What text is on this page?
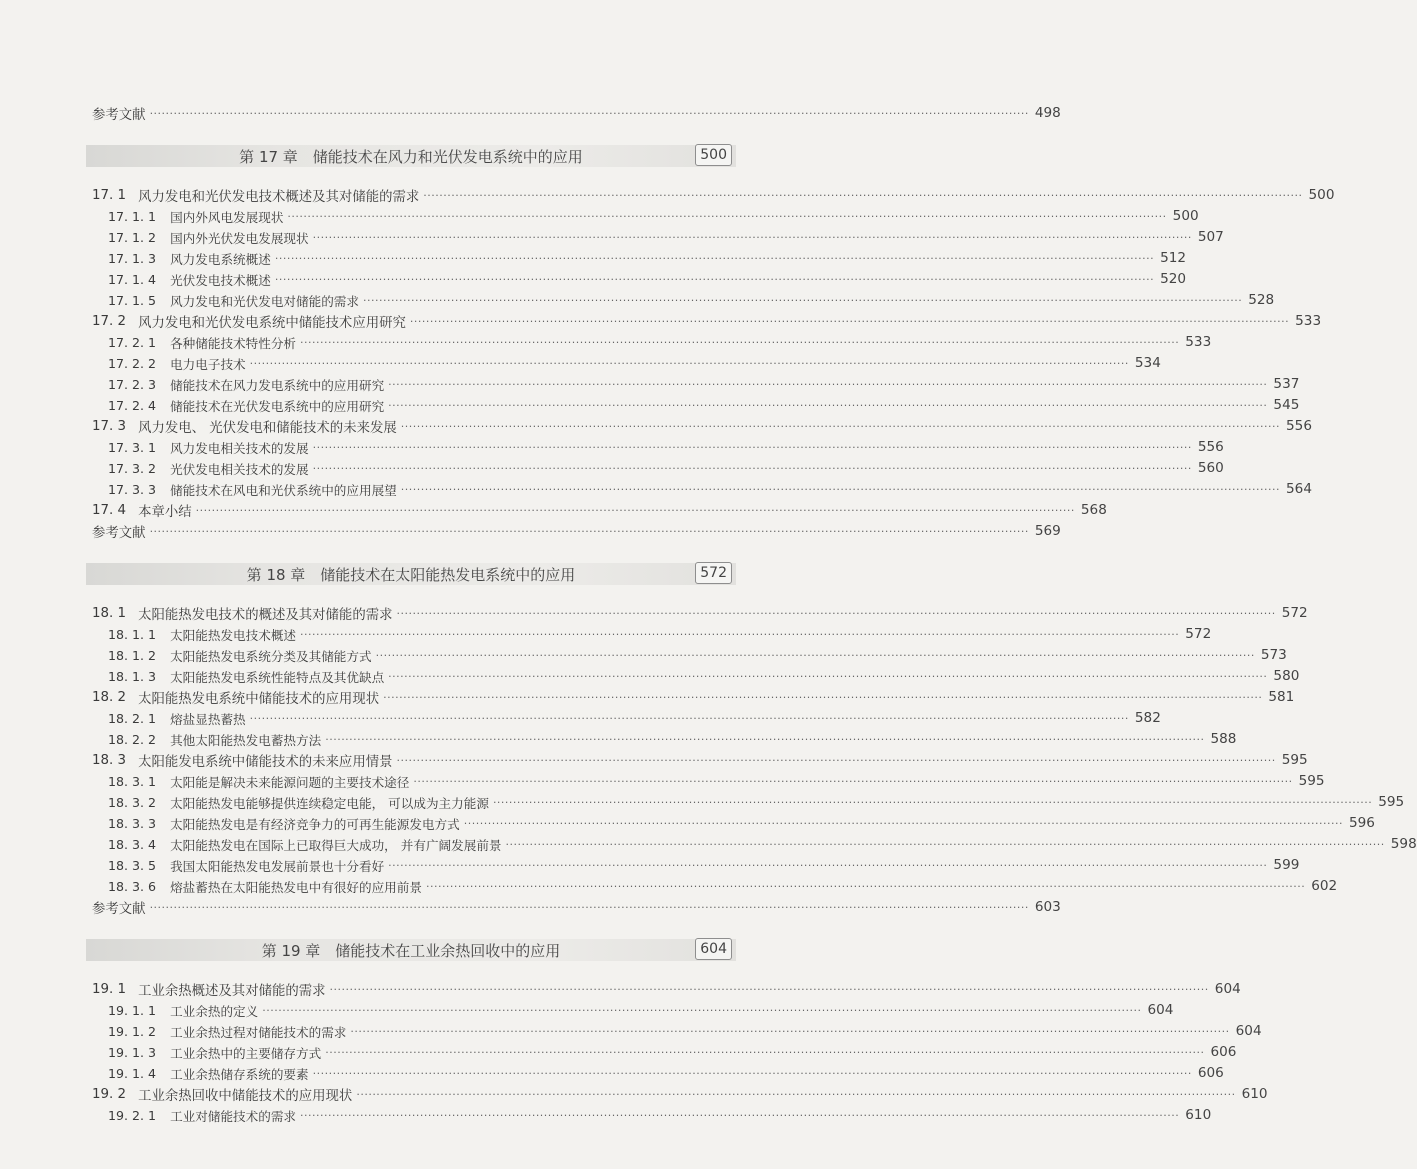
参考文献 ···························································································································································································································· 498
第 17 章　储能技术在风力和光伏发电系统中的应用	500
17. 1 风力发电和光伏发电技术概述及其对储能的需求 ···························································································································································································································· 500
17. 1. 1 国内外风电发展现状 ···························································································································································································································· 500
17. 1. 2 国内外光伏发电发展现状 ···························································································································································································································· 507
17. 1. 3 风力发电系统概述 ···························································································································································································································· 512
17. 1. 4 光伏发电技术概述 ···························································································································································································································· 520
17. 1. 5 风力发电和光伏发电对储能的需求 ···························································································································································································································· 528
17. 2 风力发电和光伏发电系统中储能技术应用研究 ···························································································································································································································· 533
17. 2. 1 各种储能技术特性分析 ···························································································································································································································· 533
17. 2. 2 电力电子技术 ···························································································································································································································· 534
17. 2. 3 储能技术在风力发电系统中的应用研究 ···························································································································································································································· 537
17. 2. 4 储能技术在光伏发电系统中的应用研究 ···························································································································································································································· 545
17. 3 风力发电、 光伏发电和储能技术的未来发展 ···························································································································································································································· 556
17. 3. 1 风力发电相关技术的发展 ···························································································································································································································· 556
17. 3. 2 光伏发电相关技术的发展 ···························································································································································································································· 560
17. 3. 3 储能技术在风电和光伏系统中的应用展望 ···························································································································································································································· 564
17. 4 本章小结 ···························································································································································································································· 568
参考文献 ···························································································································································································································· 569
第 18 章　储能技术在太阳能热发电系统中的应用	572
18. 1 太阳能热发电技术的概述及其对储能的需求 ···························································································································································································································· 572
18. 1. 1 太阳能热发电技术概述 ···························································································································································································································· 572
18. 1. 2 太阳能热发电系统分类及其储能方式 ···························································································································································································································· 573
18. 1. 3 太阳能热发电系统性能特点及其优缺点 ···························································································································································································································· 580
18. 2 太阳能热发电系统中储能技术的应用现状 ···························································································································································································································· 581
18. 2. 1 熔盐显热蓄热 ···························································································································································································································· 582
18. 2. 2 其他太阳能热发电蓄热方法 ···························································································································································································································· 588
18. 3 太阳能发电系统中储能技术的未来应用情景 ···························································································································································································································· 595
18. 3. 1 太阳能是解决未来能源问题的主要技术途径 ···························································································································································································································· 595
18. 3. 2 太阳能热发电能够提供连续稳定电能， 可以成为主力能源 ···························································································································································································································· 595
18. 3. 3 太阳能热发电是有经济竞争力的可再生能源发电方式 ···························································································································································································································· 596
18. 3. 4 太阳能热发电在国际上已取得巨大成功， 并有广阔发展前景 ···························································································································································································································· 598
18. 3. 5 我国太阳能热发电发展前景也十分看好 ···························································································································································································································· 599
18. 3. 6 熔盐蓄热在太阳能热发电中有很好的应用前景 ···························································································································································································································· 602
参考文献 ···························································································································································································································· 603
第 19 章　储能技术在工业余热回收中的应用	604
19. 1 工业余热概述及其对储能的需求 ···························································································································································································································· 604
19. 1. 1 工业余热的定义 ···························································································································································································································· 604
19. 1. 2 工业余热过程对储能技术的需求 ···························································································································································································································· 604
19. 1. 3 工业余热中的主要储存方式 ···························································································································································································································· 606
19. 1. 4 工业余热储存系统的要素 ···························································································································································································································· 606
19. 2 工业余热回收中储能技术的应用现状 ···························································································································································································································· 610
19. 2. 1 工业对储能技术的需求 ···························································································································································································································· 610
